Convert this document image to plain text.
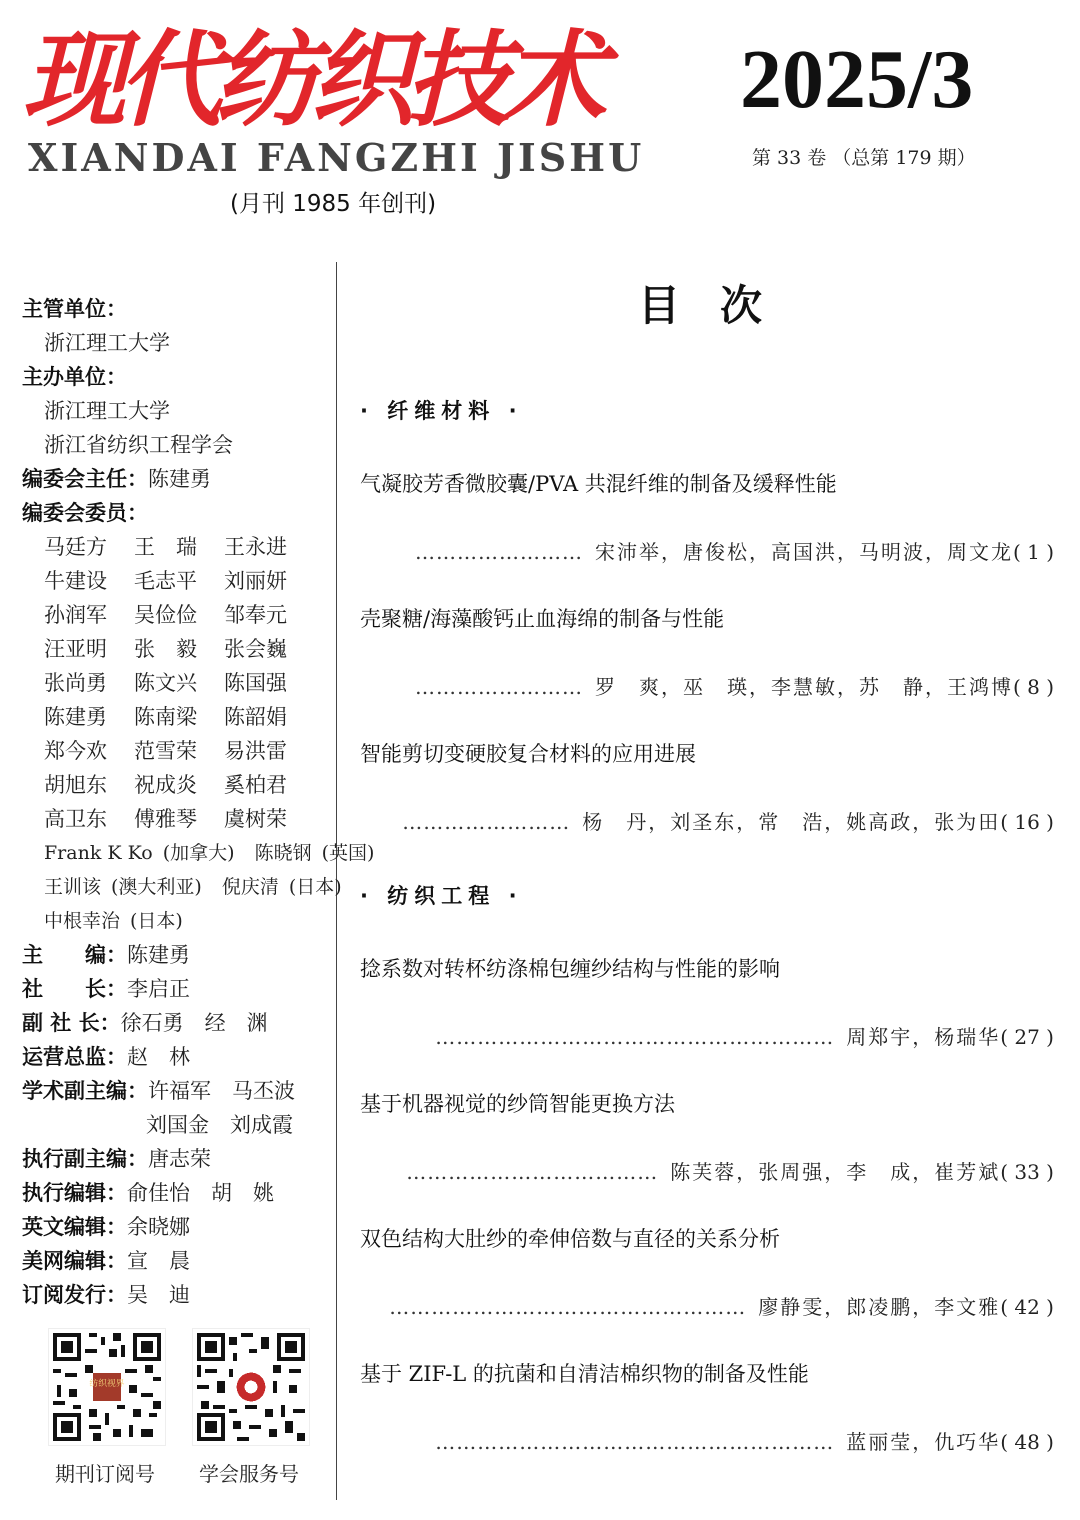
现代纺织技术
XIANDAI FANGZHI JISHU
2025/3
第 33 卷 （总第 179 期）
(月刊 1985 年创刊)
主管单位：
浙江理工大学
主办单位：
浙江理工大学
浙江省纺织工程学会
编委会主任：陈建勇
编委会委员：
马廷方	王　瑞	王永进
牛建设	毛志平	刘丽妍
孙润军	吴俭俭	邹奉元
汪亚明	张　毅	张会巍
张尚勇	陈文兴	陈国强
陈建勇	陈南梁	陈韶娟
郑今欢	范雪荣	易洪雷
胡旭东	祝成炎	奚柏君
高卫东	傅雅琴	虞树荣
Frank K Ko (加拿大)	陈晓钢 (英国)
王训该 (澳大利亚)	倪庆清 (日本)
中根幸治 (日本)
主　　编：陈建勇
社　　长：李启正
副 社 长：徐石勇　经　渊
运营总监：赵　林
学术副主编：许福军　马丕波
刘国金　刘成霞
执行副主编：唐志荣
执行编辑：俞佳怡　胡　姚
英文编辑：余晓娜
美网编辑：宣　晨
订阅发行：吴　迪
纺织视界
期刊订阅号	学会服务号
目次
· 纤维材料 ·
气凝胶芳香微胶囊/PVA 共混纤维的制备及缓释性能
…………………… 宋沛举，唐俊松，高国洪，马明波，周文龙 ( 1 )
壳聚糖/海藻酸钙止血海绵的制备与性能
…………………… 罗　爽，巫　瑛，李慧敏，苏　静，王鸿博 ( 8 )
智能剪切变硬胶复合材料的应用进展
…………………… 杨　丹，刘圣东，常　浩，姚高政，张为田 ( 16 )
· 纺织工程 ·
捻系数对转杯纺涤棉包缠纱结构与性能的影响
………………………………………………… 周郑宇，杨瑞华 ( 27 )
基于机器视觉的纱筒智能更换方法
……………………………… 陈芙蓉，张周强，李　成，崔芳斌 ( 33 )
双色结构大肚纱的牵伸倍数与直径的关系分析
…………………………………………… 廖静雯，郎凌鹏，李文雅 ( 42 )
基于 ZIF-L 的抗菌和自清洁棉织物的制备及性能
………………………………………………… 蓝丽莹，仇巧华 ( 48 )
